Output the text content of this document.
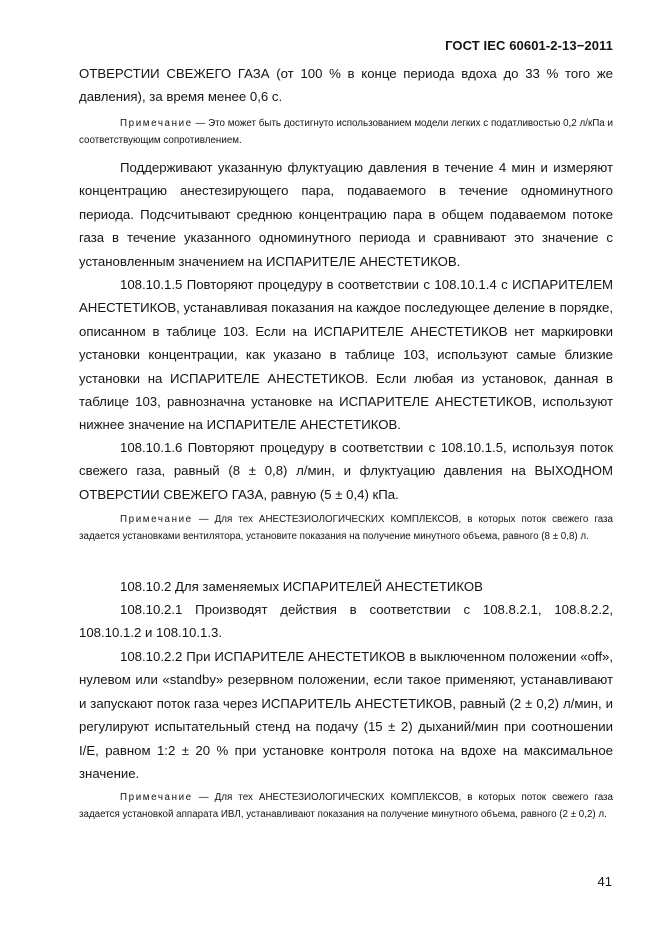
ГОСТ IEC 60601-2-13−2011

ОТВЕРСТИИ СВЕЖЕГО ГАЗА (от 100 % в конце периода вдоха до 33 % того же давления), за время менее 0,6 с.

Примечание — Это может быть достигнуто использованием модели легких с податливостью 0,2 л/кПа и соответствующим сопротивлением.

Поддерживают указанную флуктуацию давления в течение 4 мин и измеряют концентрацию анестезирующего пара, подаваемого в течение одноминутного периода. Подсчитывают среднюю концентрацию пара в общем подаваемом потоке газа в течение указанного одноминутного периода и сравнивают это значение с установленным значением на ИСПАРИТЕЛЕ АНЕСТЕТИКОВ.

108.10.1.5 Повторяют процедуру в соответствии с 108.10.1.4 с ИСПАРИТЕЛЕМ АНЕСТЕТИКОВ, устанавливая показания на каждое последующее деление в порядке, описанном в таблице 103. Если на ИСПАРИТЕЛЕ АНЕСТЕТИКОВ нет маркировки установки концентрации, как указано в таблице 103, используют самые близкие установки на ИСПАРИТЕЛЕ АНЕСТЕТИКОВ. Если любая из установок, данная в таблице 103, равнозначна установке на ИСПАРИТЕЛЕ АНЕСТЕТИКОВ, используют нижнее значение на ИСПАРИТЕЛЕ АНЕСТЕТИКОВ.

108.10.1.6 Повторяют процедуру в соответствии с 108.10.1.5, используя поток свежего газа, равный (8 ± 0,8) л/мин, и флуктуацию давления на ВЫХОДНОМ ОТВЕРСТИИ СВЕЖЕГО ГАЗА, равную (5 ± 0,4) кПа.

Примечание — Для тех АНЕСТЕЗИОЛОГИЧЕСКИХ КОМПЛЕКСОВ, в которых поток свежего газа задается установками вентилятора, установите показания на получение минутного объема, равного (8 ± 0,8) л.

108.10.2 Для заменяемых ИСПАРИТЕЛЕЙ АНЕСТЕТИКОВ

108.10.2.1 Производят действия в соответствии с 108.8.2.1, 108.8.2.2, 108.10.1.2 и 108.10.1.3.

108.10.2.2 При ИСПАРИТЕЛЕ АНЕСТЕТИКОВ в выключенном положении «off», нулевом или «standby» резервном положении, если такое применяют, устанавливают и запускают поток газа через ИСПАРИТЕЛЬ АНЕСТЕТИКОВ, равный (2 ± 0,2) л/мин, и регулируют испытательный стенд на подачу (15 ± 2) дыханий/мин при соотношении I/E, равном 1:2 ± 20 % при установке контроля потока на вдохе на максимальное значение.

Примечание — Для тех АНЕСТЕЗИОЛОГИЧЕСКИХ КОМПЛЕКСОВ, в которых поток свежего газа задается установкой аппарата ИВЛ, устанавливают показания на получение минутного объема, равного (2 ± 0,2) л.

41
